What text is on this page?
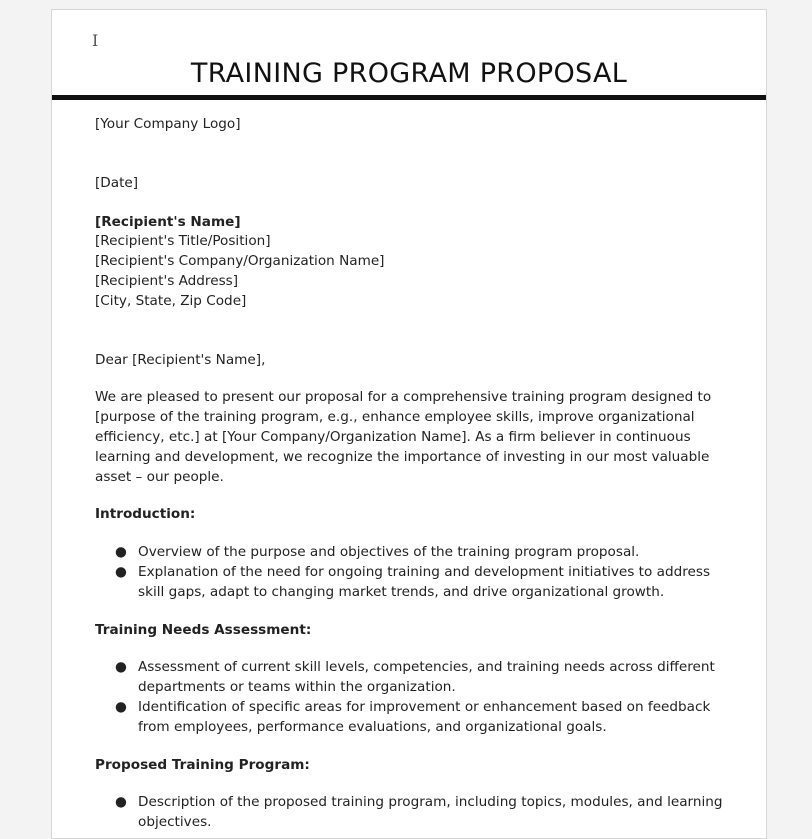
I
TRAINING PROGRAM PROPOSAL

[Your Company Logo]

[Date]

[Recipient's Name]

[Recipient's Title/Position]

[Recipient's Company/Organization Name]

[Recipient's Address]

[City, State, Zip Code]

Dear [Recipient's Name],

We are pleased to present our proposal for a comprehensive training program designed to [purpose of the training program, e.g., enhance employee skills, improve organizational efficiency, etc.] at [Your Company/Organization Name]. As a firm believer in continuous learning and development, we recognize the importance of investing in our most valuable asset – our people.

Introduction:

● Overview of the purpose and objectives of the training program proposal.
● Explanation of the need for ongoing training and development initiatives to address skill gaps, adapt to changing market trends, and drive organizational growth.

Training Needs Assessment:

● Assessment of current skill levels, competencies, and training needs across different departments or teams within the organization.
● Identification of specific areas for improvement or enhancement based on feedback from employees, performance evaluations, and organizational goals.

Proposed Training Program:

● Description of the proposed training program, including topics, modules, and learning objectives.
